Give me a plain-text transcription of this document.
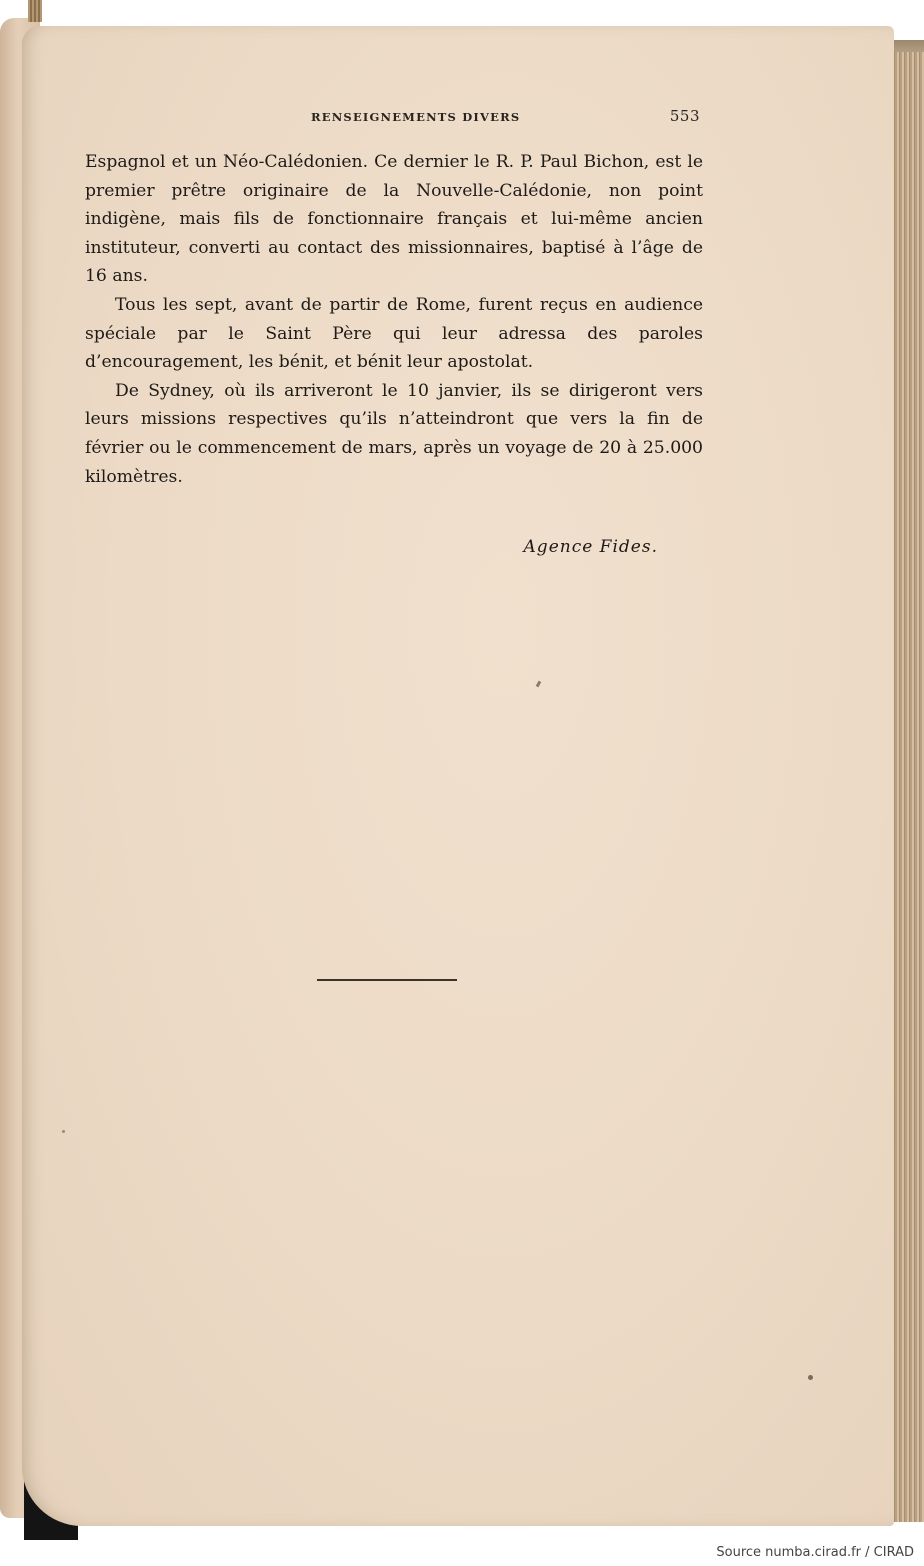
RENSEIGNEMENTS DIVERS	553

Espagnol et un Néo-Calédonien. Ce dernier le R. P. Paul Bichon, est le premier prêtre originaire de la Nouvelle-Calédonie, non point indigène, mais fils de fonctionnaire français et lui-même ancien instituteur, converti au contact des missionnaires, baptisé à l’âge de 16 ans.

Tous les sept, avant de partir de Rome, furent reçus en audience spéciale par le Saint Père qui leur adressa des paroles d’encouragement, les bénit, et bénit leur apostolat.

De Sydney, où ils arriveront le 10 janvier, ils se dirigeront vers leurs missions respectives qu’ils n’atteindront que vers la fin de février ou le commencement de mars, après un voyage de 20 à 25.000 kilomètres.

Agence Fides.
Source numba.cirad.fr / CIRAD
